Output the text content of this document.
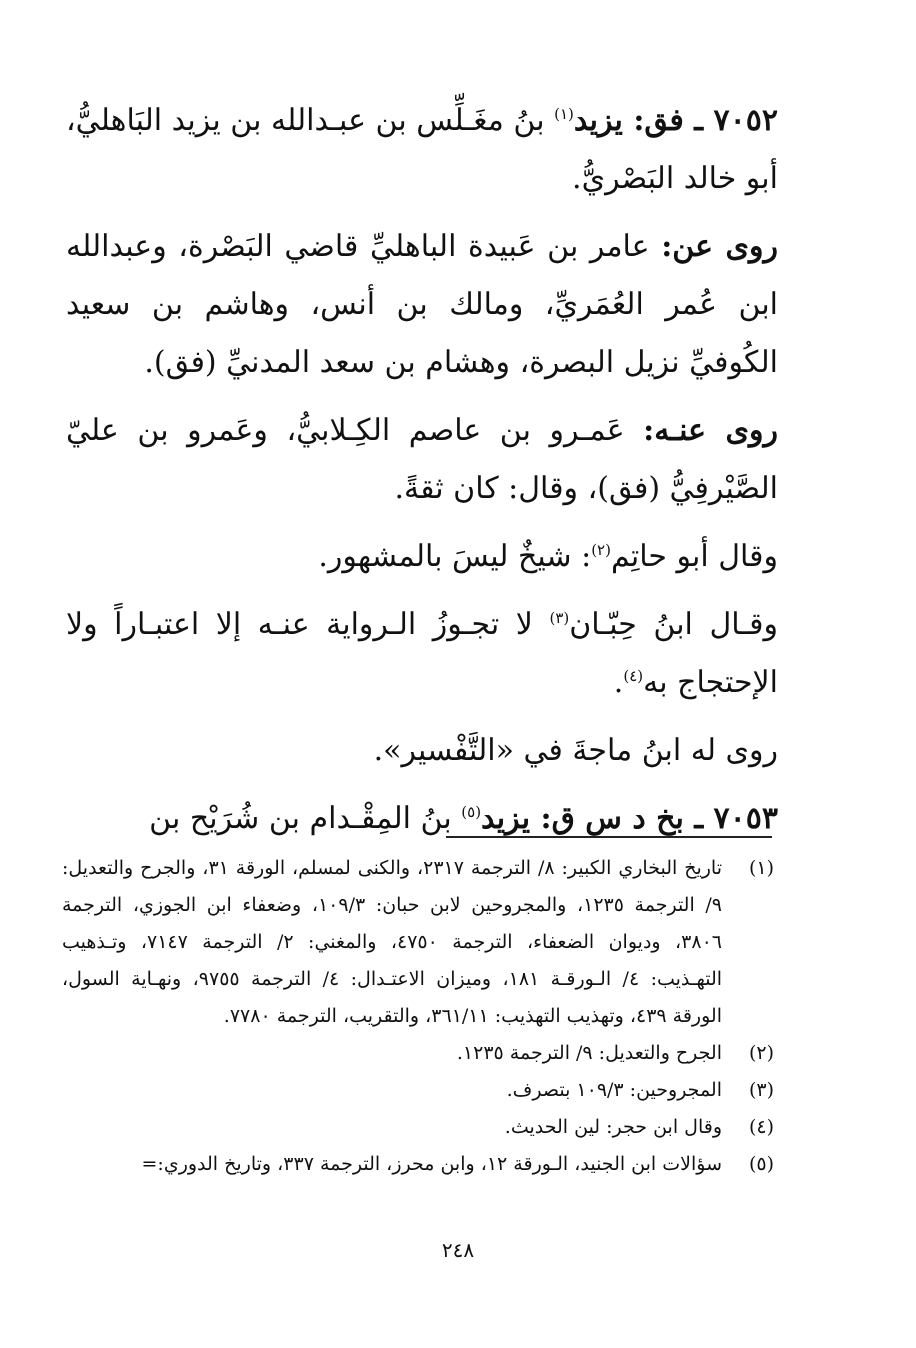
٧٠٥٢ ـ فق: يزيد$^{(١)}$ بنُ مغَـلِّس بن عبـدالله بن يزيد البَاهليُّ، أبو خالد البَصْريُّ.

روى عن: عامر بن عَبيدة الباهليِّ قاضي البَصْرة، وعبدالله ابن عُمر العُمَريِّ، ومالك بن أنس، وهاشم بن سعيد الكُوفيِّ نزيل البصرة، وهشام بن سعد المدنيِّ (فق).

روى عنـه: عَمـرو بن عاصم الكِـلابيُّ، وعَمرو بن عليّ الصَّيْرفِيُّ (فق)، وقال: كان ثقةً.

وقال أبو حاتِم$^{(٢)}$: شيخٌ ليسَ بالمشهور.

وقـال ابنُ حِبّـان$^{(٣)}$ لا تجـوزُ الـرواية عنـه إلا اعتبـاراً ولا الإحتجاج به$^{(٤)}$.

روى له ابنُ ماجةَ في «التَّفْسير».

٧٠٥٣ ـ بخ د س ق: يزيد$^{(٥)}$ بنُ المِقْـدام بن شُرَيْح بن

(١)
تاريخ البخاري الكبير: ٨/ الترجمة ٢٣١٧، والكنى لمسلم، الورقة ٣١، والجرح والتعديل: ٩/ الترجمة ١٢٣٥، والمجروحين لابن حبان: ١٠٩/٣، وضعفاء ابن الجوزي، الترجمة ٣٨٠٦، وديوان الضعفاء، الترجمة ٤٧٥٠، والمغني: ٢/ الترجمة ٧١٤٧، وتـذهيب التهـذيب: ٤/ الـورقـة ١٨١، وميزان الاعتـدال: ٤/ الترجمة ٩٧٥٥، ونهـاية السول، الورقة ٤٣٩، وتهذيب التهذيب: ٣٦١/١١، والتقريب، الترجمة ٧٧٨٠.
(٢)
الجرح والتعديل: ٩/ الترجمة ١٢٣٥.
(٣)
المجروحين: ١٠٩/٣ بتصرف.
(٤)
وقال ابن حجر: لين الحديث.
(٥)
سؤالات ابن الجنيد، الـورقة ١٢، وابن محرز، الترجمة ٣٣٧، وتاريخ الدوري:=
٢٤٨
